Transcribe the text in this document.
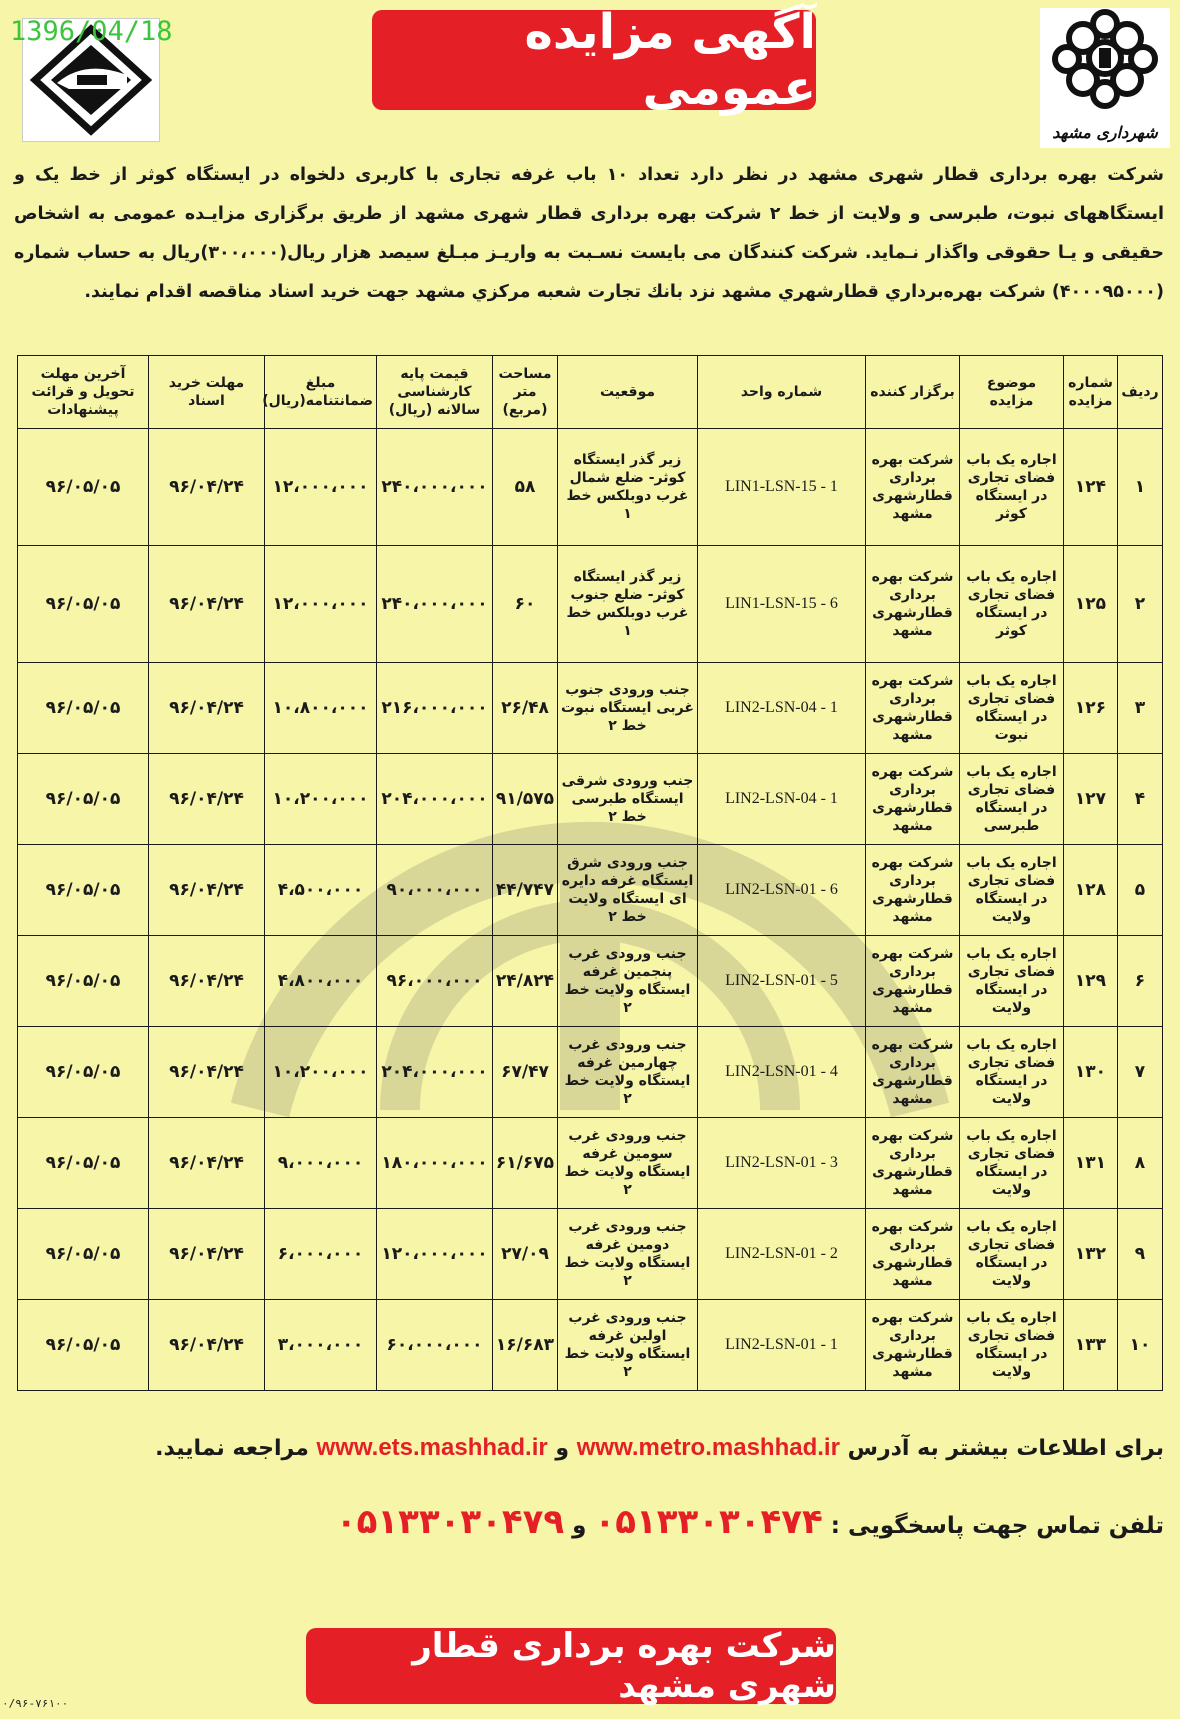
1396/04/18	آگهی مزایده عمومی
شهرداری مشهد
شرکت بهره برداری قطار شهری مشهد در نظر دارد تعداد ۱۰ باب غرفه تجاری با کاربری دلخواه در ایستگاه کوثر از خط یک و ایستگاههای نبوت، طبرسی و ولایت از خط ۲ شرکت بهره برداری قطار شهری مشهد از طریق برگزاری مزایـده عمومی به اشخاص حقیقی و یـا حقوقی واگذار نـماید. شرکت کنندگان می بایست نسـبت به واریـز مبـلغ سیصد هزار ریال(۳۰۰،۰۰۰)ریال به حساب شماره (۴۰۰۰۹۵۰۰۰) شرکت بهره‌برداري قطارشهري مشهد نزد بانك تجارت شعبه مركزي مشهد جهت خريد اسناد مناقصه اقدام نمايند.
ردیف	شماره مزایده	موضوع مزایده	برگزار کننده	شماره واحد	موقعیت	مساحت متر (مربع)	قیمت پایه کارشناسی سالانه (ریال)	مبلغ ضمانتنامه(ریال)	مهلت خرید اسناد	آخرین مهلت تحویل و قرائت پیشنهادات
۱	۱۲۴	اجاره یک باب فضای تجاری در ایستگاه کوثر	شرکت بهره برداری قطارشهری مشهد	LIN1-LSN-15 - 1	زیر گذر ایستگاه کوثر- ضلع شمال غرب دوبلکس خط ۱	۵۸	۲۴۰،۰۰۰،۰۰۰	۱۲،۰۰۰،۰۰۰	۹۶/۰۴/۲۴	۹۶/۰۵/۰۵
۲	۱۲۵	اجاره یک باب فضای تجاری در ایستگاه کوثر	شرکت بهره برداری قطارشهری مشهد	LIN1-LSN-15 - 6	زیر گذر ایستگاه کوثر- ضلع جنوب غرب دوبلکس خط ۱	۶۰	۲۴۰،۰۰۰،۰۰۰	۱۲،۰۰۰،۰۰۰	۹۶/۰۴/۲۴	۹۶/۰۵/۰۵
۳	۱۲۶	اجاره یک باب فضای تجاری در ایستگاه نبوت	شرکت بهره برداری قطارشهری مشهد	LIN2-LSN-04 - 1	جنب ورودی جنوب غربی ایستگاه نبوت خط ۲	۲۶/۴۸	۲۱۶،۰۰۰،۰۰۰	۱۰،۸۰۰،۰۰۰	۹۶/۰۴/۲۴	۹۶/۰۵/۰۵
۴	۱۲۷	اجاره یک باب فضای تجاری در ایستگاه طبرسی	شرکت بهره برداری قطارشهری مشهد	LIN2-LSN-04 - 1	جنب ورودی شرقی ایستگاه طبرسی خط ۲	۹۱/۵۷۵	۲۰۴،۰۰۰،۰۰۰	۱۰،۲۰۰،۰۰۰	۹۶/۰۴/۲۴	۹۶/۰۵/۰۵
۵	۱۲۸	اجاره یک باب فضای تجاری در ایستگاه ولایت	شرکت بهره برداری قطارشهری مشهد	LIN2-LSN-01 - 6	جنب ورودی شرق ایستگاه غرفه دایره ای ایستگاه ولایت خط ۲	۴۴/۷۴۷	۹۰،۰۰۰،۰۰۰	۴،۵۰۰،۰۰۰	۹۶/۰۴/۲۴	۹۶/۰۵/۰۵
۶	۱۲۹	اجاره یک باب فضای تجاری در ایستگاه ولایت	شرکت بهره برداری قطارشهری مشهد	LIN2-LSN-01 - 5	جنب ورودی غرب پنجمین غرفه ایستگاه ولایت خط ۲	۲۴/۸۲۴	۹۶،۰۰۰،۰۰۰	۴،۸۰۰،۰۰۰	۹۶/۰۴/۲۴	۹۶/۰۵/۰۵
۷	۱۳۰	اجاره یک باب فضای تجاری در ایستگاه ولایت	شرکت بهره برداری قطارشهری مشهد	LIN2-LSN-01 - 4	جنب ورودی غرب چهارمین غرفه ایستگاه ولایت خط ۲	۶۷/۴۷	۲۰۴،۰۰۰،۰۰۰	۱۰،۲۰۰،۰۰۰	۹۶/۰۴/۲۴	۹۶/۰۵/۰۵
۸	۱۳۱	اجاره یک باب فضای تجاری در ایستگاه ولایت	شرکت بهره برداری قطارشهری مشهد	LIN2-LSN-01 - 3	جنب ورودی غرب سومین غرفه ایستگاه ولایت خط ۲	۶۱/۶۷۵	۱۸۰،۰۰۰،۰۰۰	۹،۰۰۰،۰۰۰	۹۶/۰۴/۲۴	۹۶/۰۵/۰۵
۹	۱۳۲	اجاره یک باب فضای تجاری در ایستگاه ولایت	شرکت بهره برداری قطارشهری مشهد	LIN2-LSN-01 - 2	جنب ورودی غرب دومین غرفه ایستگاه ولایت خط ۲	۲۷/۰۹	۱۲۰،۰۰۰،۰۰۰	۶،۰۰۰،۰۰۰	۹۶/۰۴/۲۴	۹۶/۰۵/۰۵
۱۰	۱۳۳	اجاره یک باب فضای تجاری در ایستگاه ولایت	شرکت بهره برداری قطارشهری مشهد	LIN2-LSN-01 - 1	جنب ورودی غرب اولین غرفه ایستگاه ولایت خط ۲	۱۶/۶۸۳	۶۰،۰۰۰،۰۰۰	۳،۰۰۰،۰۰۰	۹۶/۰۴/۲۴	۹۶/۰۵/۰۵
برای اطلاعات بیشتر به آدرس www.metro.mashhad.ir و www.ets.mashhad.ir مراجعه نمایید.
تلفن تماس جهت پاسخگویی : ۰۵۱۳۳۰۳۰۴۷۴ و ۰۵۱۳۳۰۳۰۴۷۹
شرکت بهره برداری قطار شهری مشهد
۰/۹۶-۷۶۱۰۰
